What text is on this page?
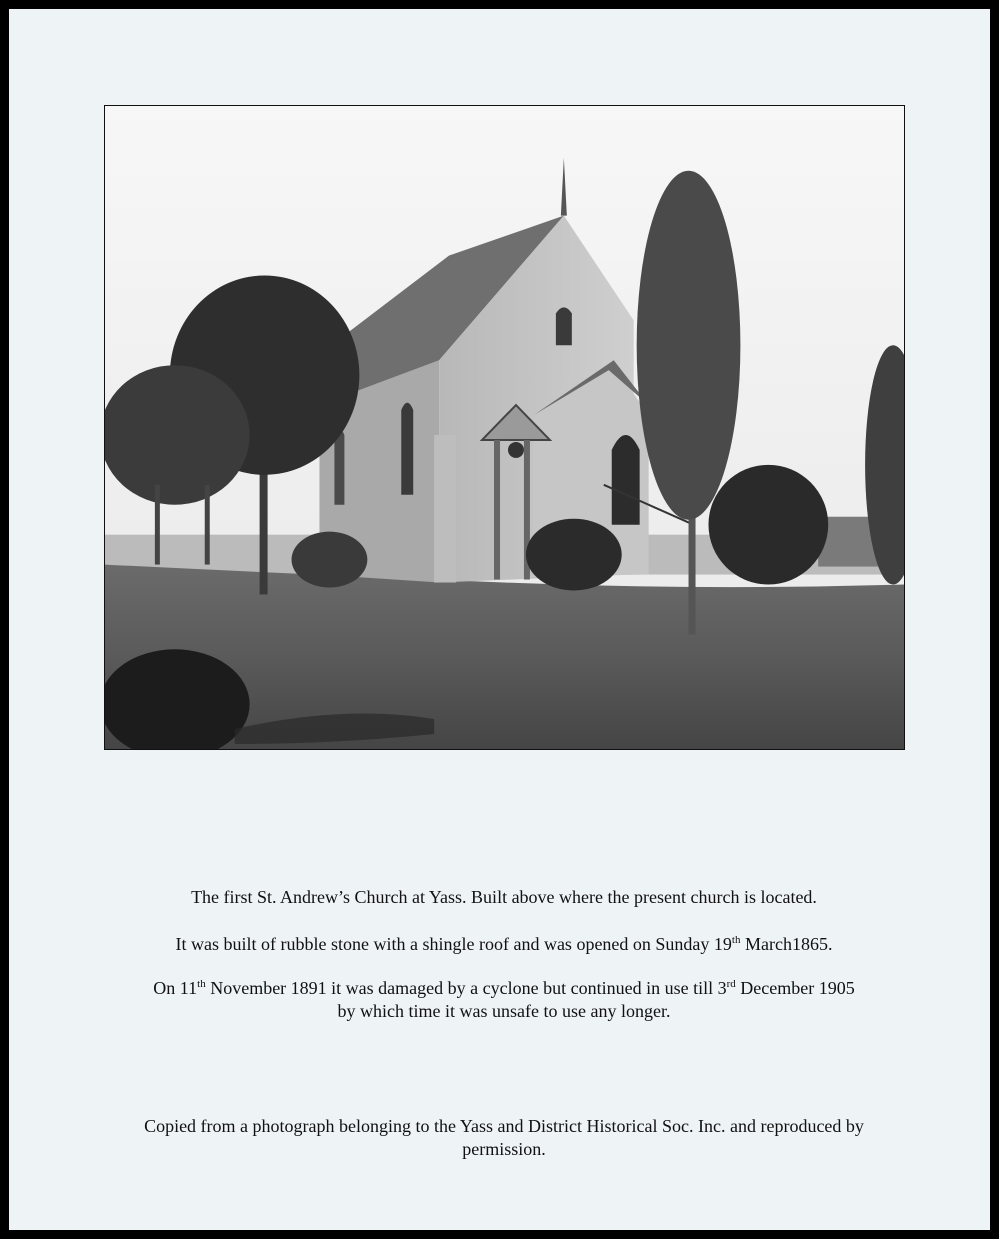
The first St. Andrew’s Church at Yass. Built above where the present church is located.
It was built of rubble stone with a shingle roof and was opened on Sunday 19th March1865.
On 11th November 1891 it was damaged by a cyclone but continued in use till 3rd December 1905
by which time it was unsafe to use any longer.
Copied from a photograph belonging to the Yass and District Historical Soc. Inc. and reproduced by
permission.
